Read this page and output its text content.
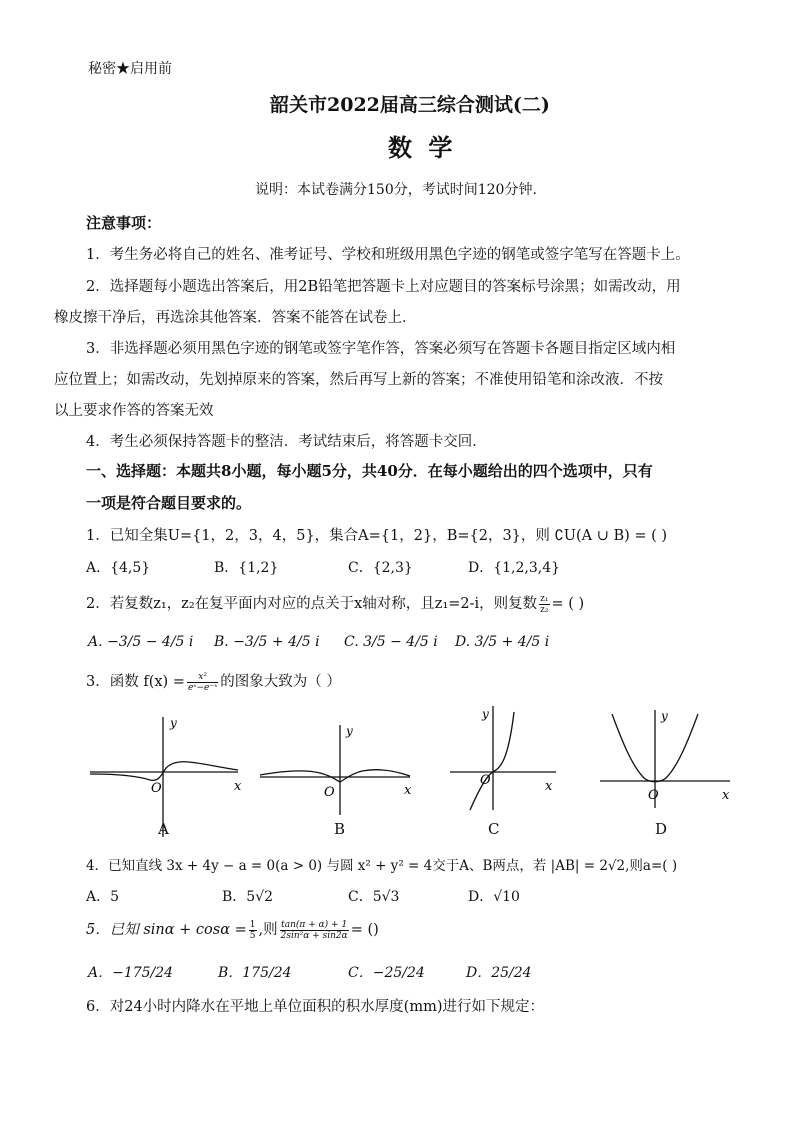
秘密★启用前
韶关市2022届高三综合测试(二)
数 学
说明：本试卷满分150分，考试时间120分钟.
注意事项：
1．考生务必将自己的姓名、准考证号、学校和班级用黑色字迹的钢笔或签字笔写在答题卡上。
2．选择题每小题选出答案后，用2B铅笔把答题卡上对应题目的答案标号涂黑；如需改动，用
橡皮擦干净后，再选涂其他答案．答案不能答在试卷上．
3．非选择题必须用黑色字迹的钢笔或签字笔作答，答案必须写在答题卡各题目指定区域内相
应位置上；如需改动，先划掉原来的答案，然后再写上新的答案；不准使用铅笔和涂改液．不按
以上要求作答的答案无效
4．考生必须保持答题卡的整洁．考试结束后，将答题卡交回．
一、选择题：本题共8小题，每小题5分，共40分．在每小题给出的四个选项中，只有
一项是符合题目要求的。
1．已知全集U={1，2，3，4，5}，集合A={1，2}，B={2，3}，则 ∁U(A ∪ B) = ( )
A．{4,5}	B．{1,2}	C．{2,3}	D．{1,2,3,4}
2．若复数z₁，z₂在复平面内对应的点关于x轴对称，且z₁=2-i，则复数 $\frac{\text{z₁}}{\text{z₂}}$ = ( )
A. −3/5 − 4/5 i B. −3/5 + 4/5 i C. 3/5 − 4/5 i D. 3/5 + 4/5 i
3．函数 $f(x) = \frac{\text{x²}}{\text{eˣ−e⁻ˣ}}$ 的图象大致为（ ）
y
O	x
A
y
O	x
B
y
O	x
C
y
O	x
D
4．已知直线 3x + 4y − a = 0(a > 0) 与圆 x² + y² = 4交于A、B两点，若 |AB| = 2√2,则a=( )
A．5	B．5√2	C．5√3	D．√10
5．已知 $\sin\alpha + \cos\alpha = \frac{1}{5}$ ,则 $\frac{\tan(\pi + \alpha) + 1}{\text{2sin²α + sin2α}}$ = ()
A．−175/24	B．175/24	C．−25/24	D．25/24
6．对24小时内降水在平地上单位面积的积水厚度(mm)进行如下规定：
